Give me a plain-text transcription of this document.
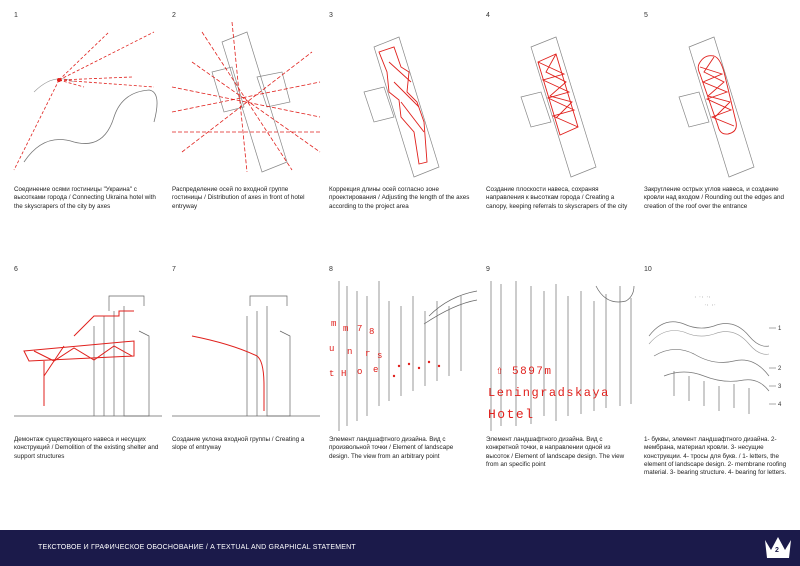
1
Соединение осями гостиницы "Украина" с высотками города / Connecting Ukraina hotel with the skyscrapers of the city by axes
2
Распределение осей по входной группе гостиницы / Distribution of axes in front of hotel entryway
3
Коррекция длины осей согласно зоне проектирования / Adjusting the length of the axes according to the project area
4
Создание плоскости навеса, сохраняя направления к высоткам города / Creating a canopy, keeping referrals to skyscrapers of the city
5
Закругление острых углов навеса, и создание кровли над входом / Rounding out the edges and creation of the roof over the entrance
6
Демонтаж существующего навеса и несущих конструкций / Demolition of the existing shelter and support structures
7
Создание уклона входной группы / Creating a slope of entryway
8
m m 7 8
u n r s
t H o e
Элемент ландшафтного дизайна. Вид с произвольной точки / Element of landscape design. The view from an arbitrary point
9
⇧ 5897m
Leningradskaya
Hotel
Элемент ландшафтного дизайна. Вид с конкретной точки, в направлении одной из высоток / Element of landscape design. The view from an specific point
10
: ·: ·:
·: :·
1
2
3
4
1- буквы, элемент ландшафтного дизайна. 2- мембрана, материал кровли. 3- несущие конструкции. 4- тросы для букв. / 1- letters, the element of landscape design. 2- membrane roofing material. 3- bearing structure. 4- bearing for letters.
ТЕКСТОВОЕ И ГРАФИЧЕСКОЕ ОБОСНОВАНИЕ / A TEXTUAL AND GRAPHICAL STATEMENT	2
